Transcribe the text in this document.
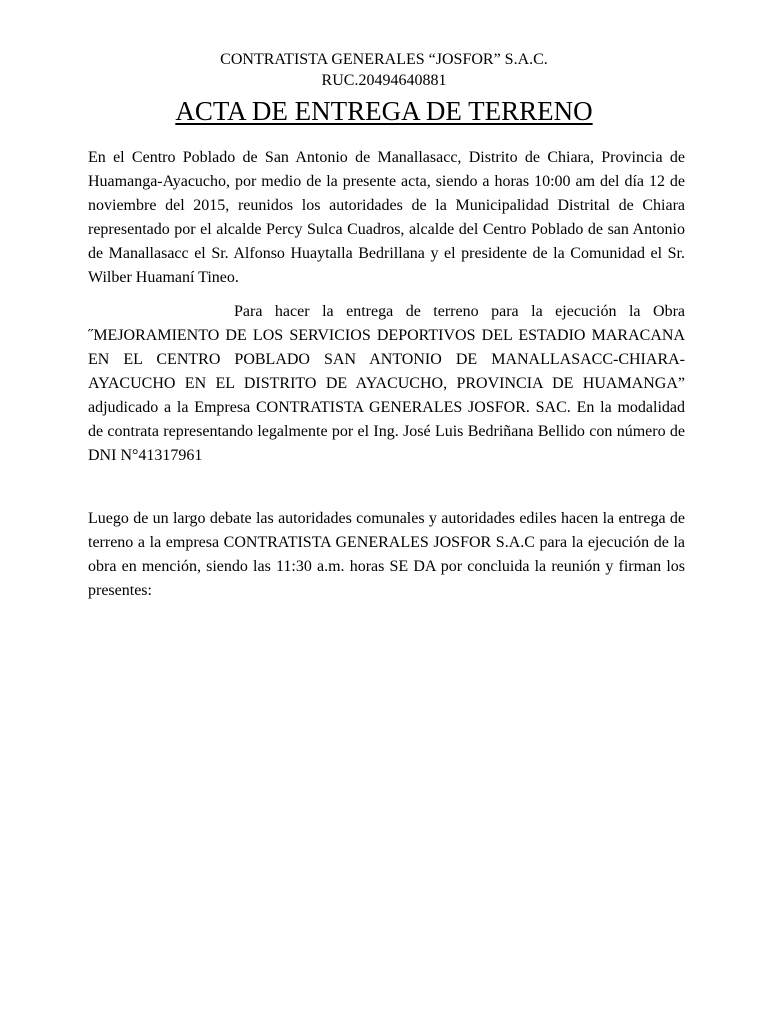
CONTRATISTA GENERALES “JOSFOR” S.A.C.
RUC.20494640881
ACTA DE ENTREGA DE TERRENO

En el Centro Poblado de San Antonio de Manallasacc, Distrito de Chiara, Provincia de Huamanga-Ayacucho, por medio de la presente acta, siendo a horas 10:00 am del día 12 de noviembre del 2015, reunidos los autoridades de la Municipalidad Distrital de Chiara representado por el alcalde Percy Sulca Cuadros, alcalde del Centro Poblado de san Antonio de Manallasacc el Sr. Alfonso Huaytalla Bedrillana y el presidente de la Comunidad el Sr. Wilber Huamaní Tineo.

Para hacer la entrega de terreno para la ejecución la Obra ˝MEJORAMIENTO DE LOS SERVICIOS DEPORTIVOS DEL ESTADIO MARACANA EN EL CENTRO POBLADO SAN ANTONIO DE MANALLASACC-CHIARA-AYACUCHO EN EL DISTRITO DE AYACUCHO, PROVINCIA DE HUAMANGA” adjudicado a la Empresa CONTRATISTA GENERALES JOSFOR. SAC. En la modalidad de contrata representando legalmente por el Ing. José Luis Bedriñana Bellido con número de DNI N°41317961

Luego de un largo debate las autoridades comunales y autoridades ediles hacen la entrega de terreno a la empresa CONTRATISTA GENERALES JOSFOR S.A.C para la ejecución de la obra en mención, siendo las 11:30 a.m. horas SE DA por concluida la reunión y firman los presentes:
